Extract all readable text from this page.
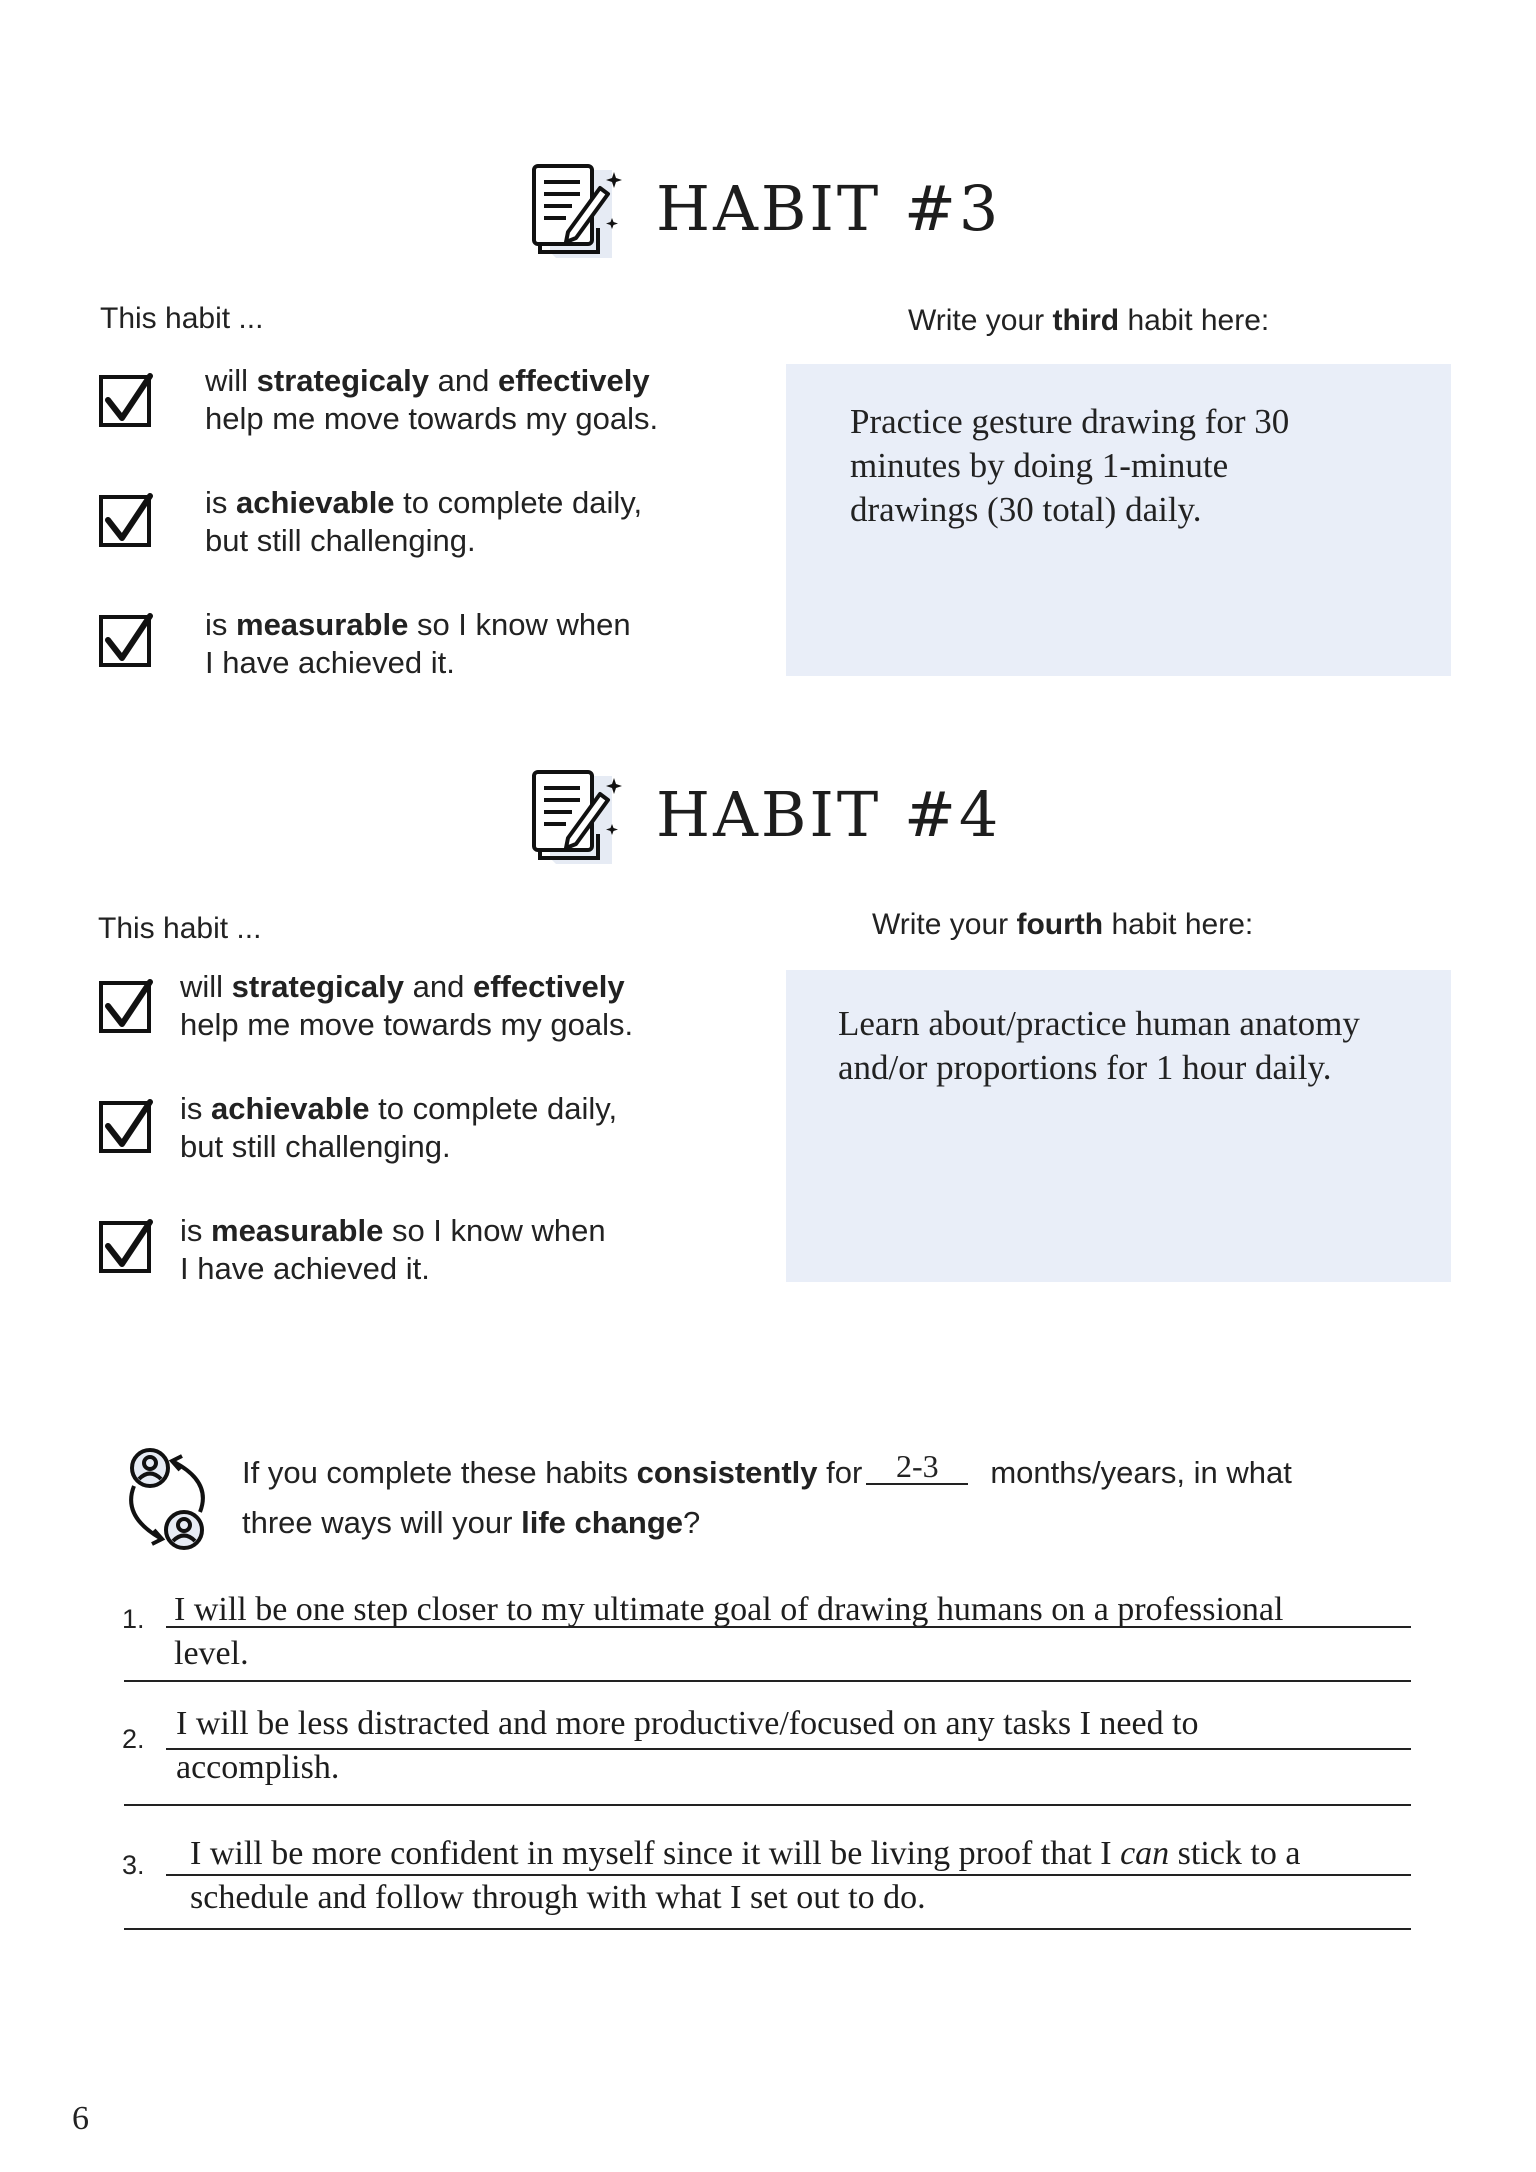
HABIT #3
This habit ...
will strategicaly and effectively
help me move towards my goals.
is achievable to complete daily,
but still challenging.
is measurable so I know when
I have achieved it.
Write your third habit here:
Practice gesture drawing for 30 minutes by doing 1-minute drawings (30 total) daily.
HABIT #4
This habit ...
will strategicaly and effectively
help me move towards my goals.
is achievable to complete daily,
but still challenging.
is measurable so I know when
I have achieved it.
Write your fourth habit here:
Learn about/practice human anatomy and/or proportions for 1 hour daily.
If you complete these habits consistently for 2-3 months/years, in what
three ways will your life change?
1. I will be one step closer to my ultimate goal of drawing humans on a professional
level.
2. I will be less distracted and more productive/focused on any tasks I need to
accomplish.
3. I will be more confident in myself since it will be living proof that I can stick to a
schedule and follow through with what I set out to do.
6
